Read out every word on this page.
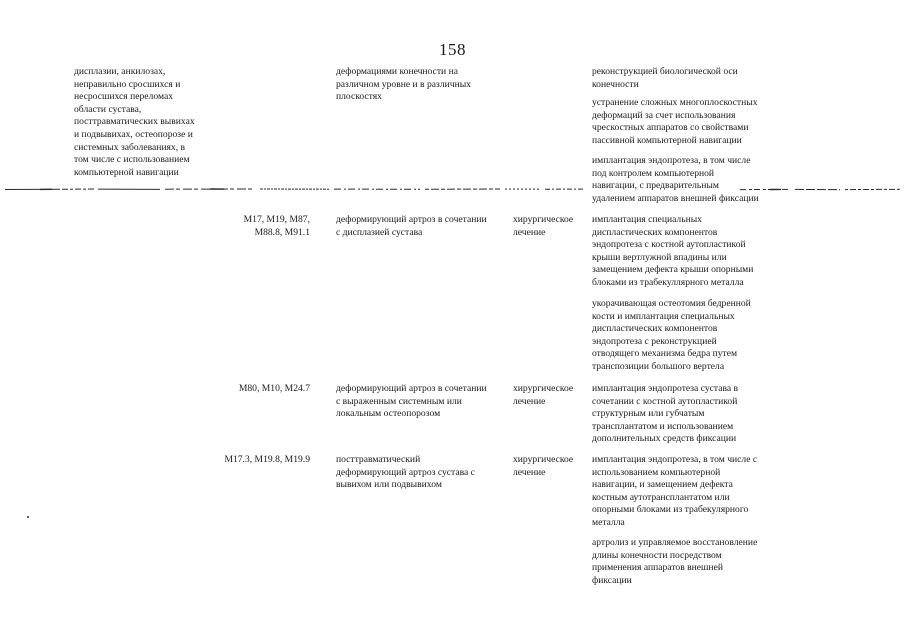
158
дисплазии, анкилозах,
неправильно сросшихся и
несросшихся переломах
области сустава,
посттравматических вывихах
и подвывихах, остеопорозе и
системных заболеваниях, в
том числе с использованием
компьютерной навигации
деформациями конечности на
различном уровне и в различных
плоскостях
реконструкцией биологической оси
конечности
устранение сложных многоплоскостных
деформаций за счет использования
чрескостных аппаратов со свойствами
пассивной компьютерной навигации
имплантация эндопротеза, в том числе
под контролем компьютерной
навигации, с предварительным
удалением аппаратов внешней фиксации
M17, M19, M87,
M88.8, M91.1
деформирующий артроз в сочетании
с дисплазией сустава
хирургическое
лечение
имплантация специальных
диспластических компонентов
эндопротеза с костной аутопластикой
крыши вертлужной впадины или
замещением дефекта крыши опорными
блоками из трабекуллярного металла
укорачивающая остеотомия бедренной
кости и имплантация специальных
диспластических компонентов
эндопротеза с реконструкцией
отводящего механизма бедра путем
транспозиции большого вертела
M80, M10, M24.7	деформирующий артроз в сочетании
с выраженным системным или
локальным остеопорозом
хирургическое
лечение
имплантация эндопротеза сустава в
сочетании с костной аутопластикой
структурным или губчатым
трансплантатом и использованием
дополнительных средств фиксации
M17.3, M19.8, M19.9	посттравматический
деформирующий артроз сустава с
вывихом или подвывихом
хирургическое
лечение
имплантация эндопротеза, в том числе с
использованием компьютерной
навигации, и замещением дефекта
костным аутотрансплантатом или
опорными блоками из трабекулярного
металла
артролиз и управляемое восстановление
длины конечности посредством
применения аппаратов внешней
фиксации
